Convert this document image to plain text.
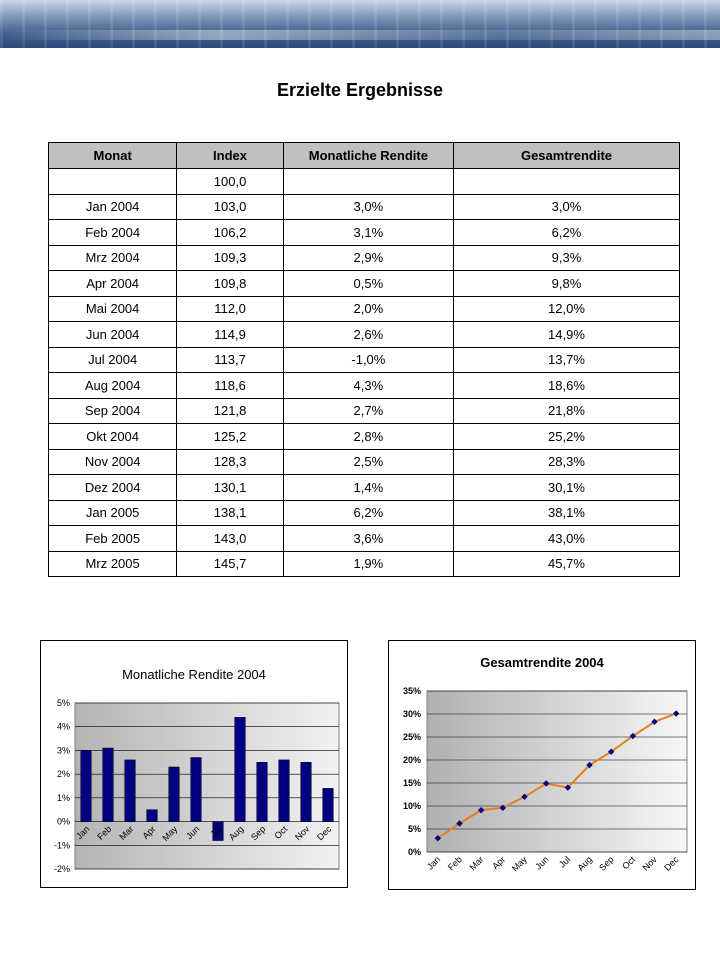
Erzielte Ergebnisse
Monat	Index	Monatliche Rendite	Gesamtrendite
	100,0		
Jan 2004	103,0	3,0%	3,0%
Feb 2004	106,2	3,1%	6,2%
Mrz 2004	109,3	2,9%	9,3%
Apr 2004	109,8	0,5%	9,8%
Mai 2004	112,0	2,0%	12,0%
Jun 2004	114,9	2,6%	14,9%
Jul 2004	113,7	-1,0%	13,7%
Aug 2004	118,6	4,3%	18,6%
Sep 2004	121,8	2,7%	21,8%
Okt 2004	125,2	2,8%	25,2%
Nov 2004	128,3	2,5%	28,3%
Dez 2004	130,1	1,4%	30,1%
Jan 2005	138,1	6,2%	38,1%
Feb 2005	143,0	3,6%	43,0%
Mrz 2005	145,7	1,9%	45,7%
Monatliche Rendite 2004
5%
4%
3%
2%
1%
0%
-1%
-2%
Jan Feb Mar Apr May Jun Jul Aug Sep Oct Nov Dec
Gesamtrendite 2004
35%
30%
25%
20%
15%
10%
5%
0%
Jan Feb Mar Apr May Jun Jul Aug Sep Oct Nov Dec
